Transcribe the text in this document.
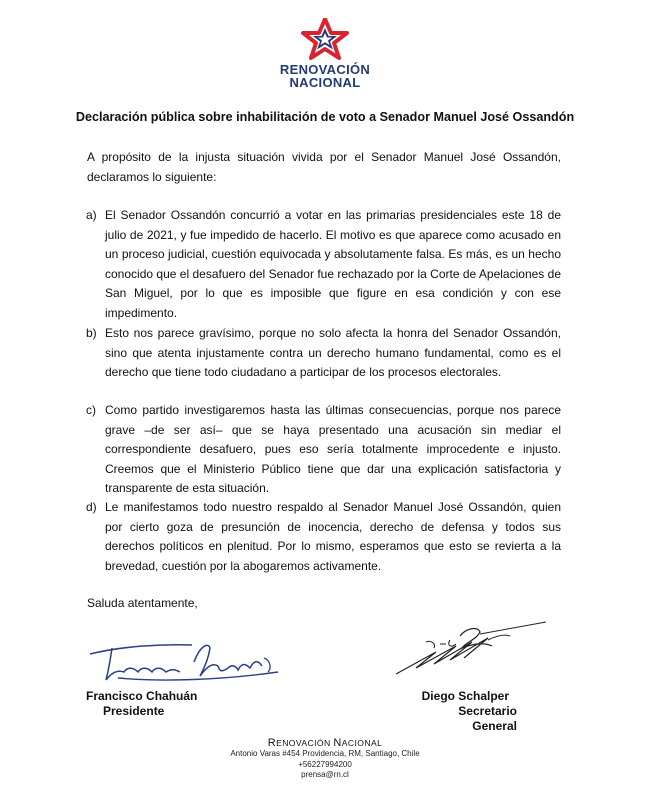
RENOVACIÓN
NACIONAL
Declaración pública sobre inhabilitación de voto a Senador Manuel José Ossandón
A propósito de la injusta situación vivida por el Senador Manuel José Ossandón, declaramos lo siguiente:
a) El Senador Ossandón concurrió a votar en las primarias presidenciales este 18 de julio de 2021, y fue impedido de hacerlo. El motivo es que aparece como acusado en un proceso judicial, cuestión equivocada y absolutamente falsa. Es más, es un hecho conocido que el desafuero del Senador fue rechazado por la Corte de Apelaciones de San Miguel, por lo que es imposible que figure en esa condición y con ese impedimento.
b) Esto nos parece gravísimo, porque no solo afecta la honra del Senador Ossandón, sino que atenta injustamente contra un derecho humano fundamental, como es el derecho que tiene todo ciudadano a participar de los procesos electorales.
c) Como partido investigaremos hasta las últimas consecuencias, porque nos parece grave –de ser así– que se haya presentado una acusación sin mediar el correspondiente desafuero, pues eso sería totalmente improcedente e injusto. Creemos que el Ministerio Público tiene que dar una explicación satisfactoria y transparente de esta situación.
d) Le manifestamos todo nuestro respaldo al Senador Manuel José Ossandón, quien por cierto goza de presunción de inocencia, derecho de defensa y todos sus derechos políticos en plenitud. Por lo mismo, esperamos que esto se revierta a la brevedad, cuestión por la abogaremos activamente.
Saluda atentamente,
Francisco Chahuán
Presidente
Diego Schalper
Secretario General
RENOVACIÓN NACIONAL
Antonio Varas #454 Providencia, RM, Santiago, Chile
+56227994200
prensa@rn.cl
